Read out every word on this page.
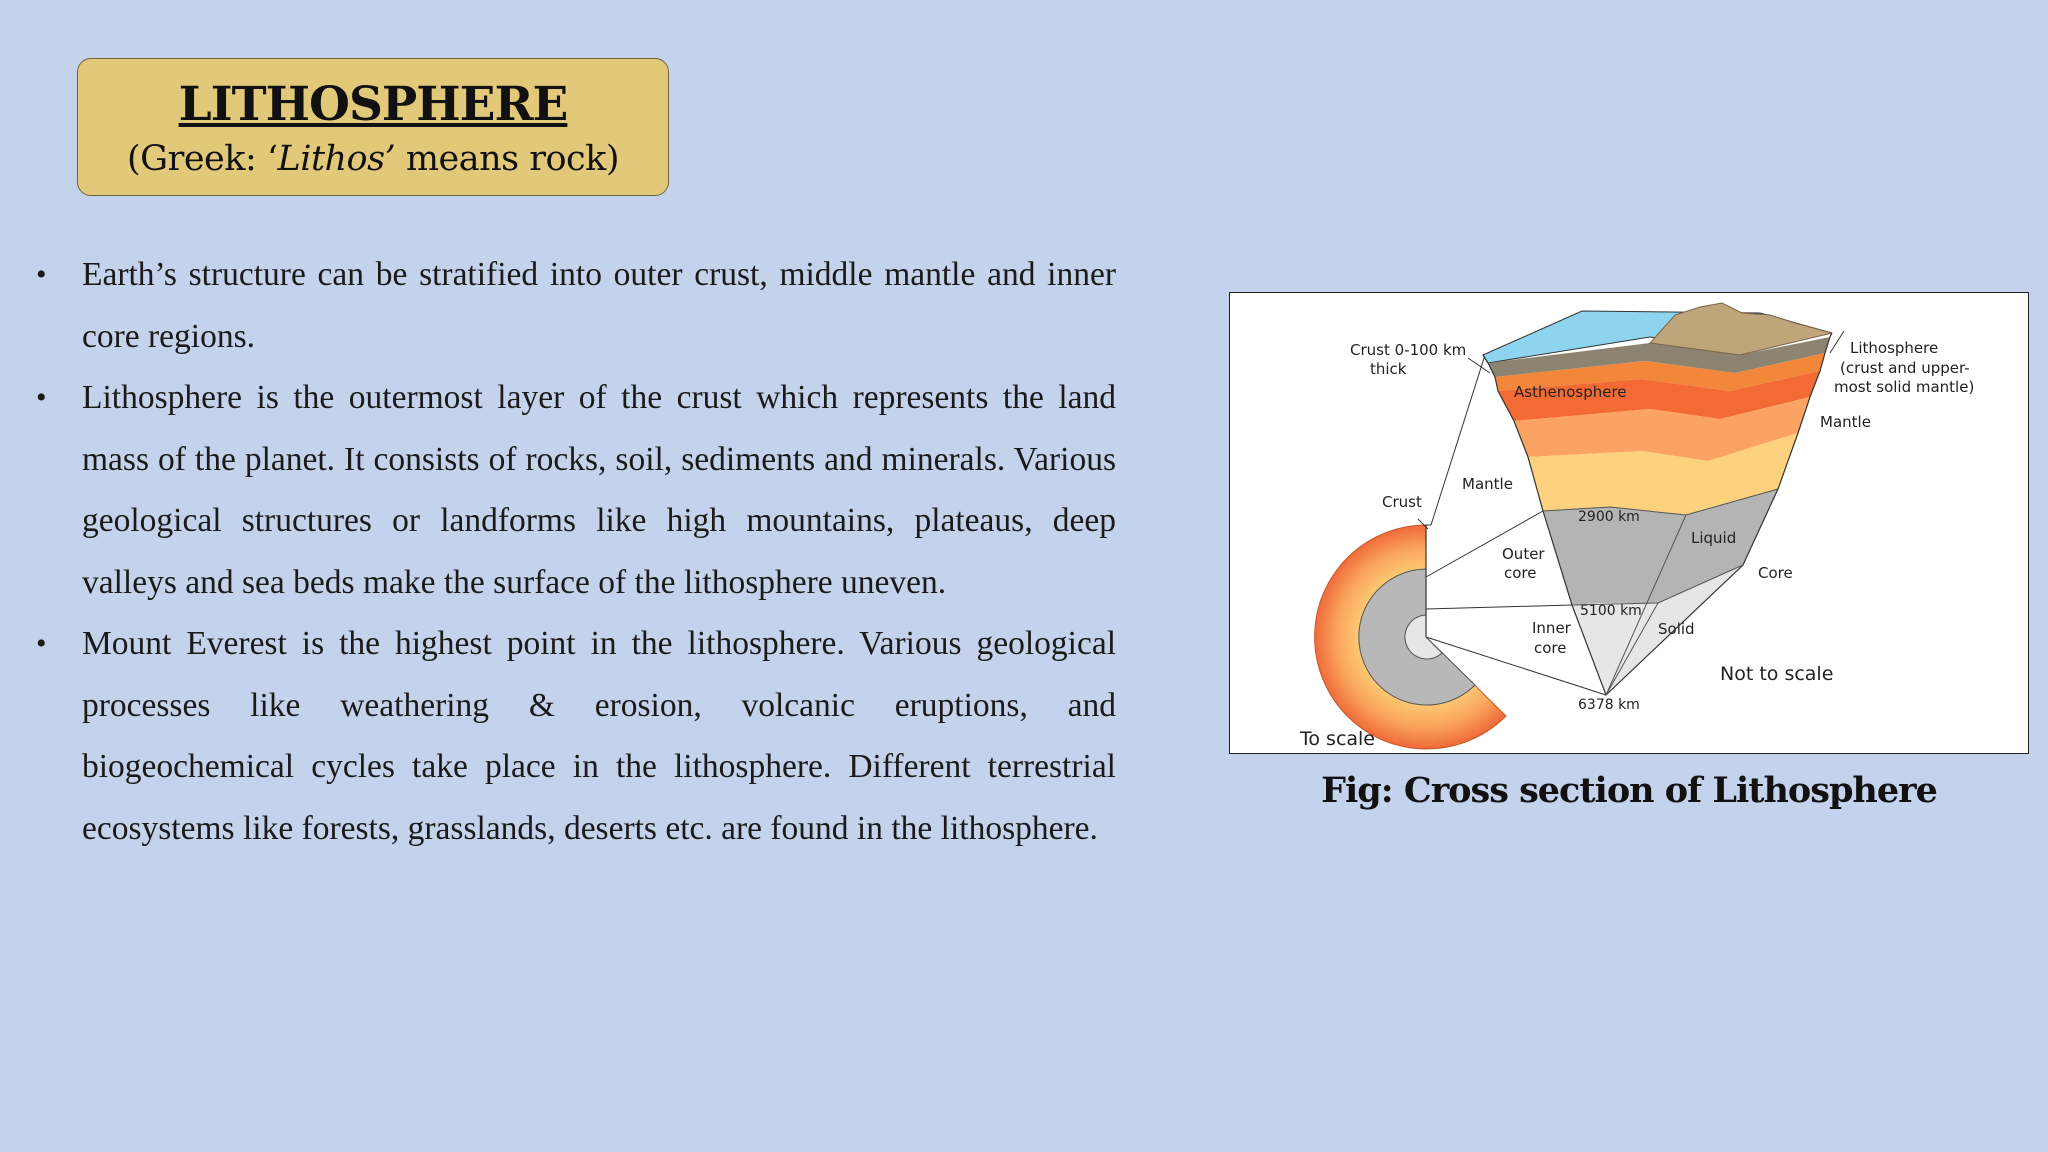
LITHOSPHERE
(Greek: ‘Lithos’ means rock)
• Earth’s structure can be stratified into outer crust, middle mantle and inner core regions.
• Lithosphere is the outermost layer of the crust which represents the land mass of the planet. It consists of rocks, soil, sediments and minerals. Various geological structures or landforms like high mountains, plateaus, deep valleys and sea beds make the surface of the lithosphere uneven.
• Mount Everest is the highest point in the lithosphere. Various geological processes like weathering & erosion, volcanic eruptions, and biogeochemical cycles take place in the lithosphere. Different terrestrial ecosystems like forests, grasslands, deserts etc. are found in the lithosphere.
Crust 0-100 km
thick
Asthenosphere
Lithosphere
(crust and upper-
most solid mantle)
Mantle
Mantle
Crust
2900 km
Outer
core
Liquid
Core
5100 km
Inner
core
Solid
Not to scale
6378 km
To scale
Fig: Cross section of Lithosphere
